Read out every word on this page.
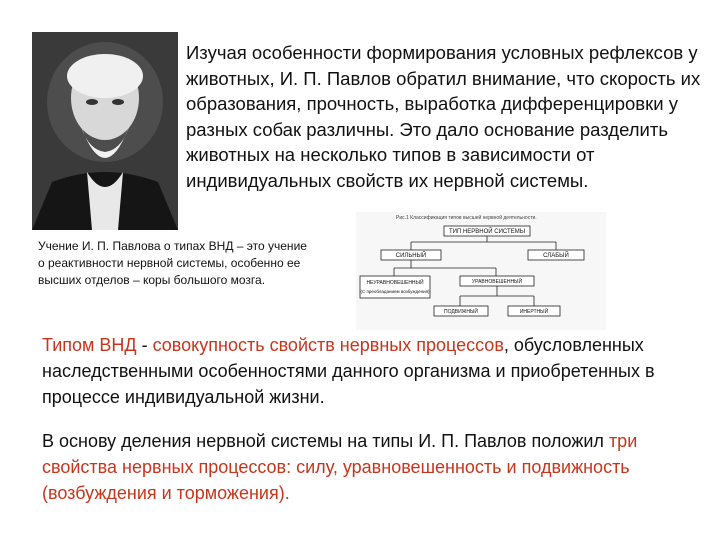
Изучая особенности формирования условных рефлексов у животных, И. П. Павлов обратил внимание, что скорость их образования, прочность, выработка дифференцировки у разных собак различны. Это дало основание разделить животных на несколько типов в зависимости от индивидуальных свойств их нервной системы.

Учение И. П. Павлова о типах ВНД – это учение о реактивности нервной системы, особенно ее высших отделов – коры большого мозга.

Рис.1 Классификация типов высшей нервной деятельности.
ТИП НЕРВНОЙ СИСТЕМЫ
СИЛЬНЫЙ	СЛАБЫЙ
НЕУРАВНОВЕШЕННЫЙ
(С преобладанием возбуждения)
УРАВНОВЕШЕННЫЙ
ПОДВИЖНЫЙ	ИНЕРТНЫЙ

Типом ВНД - совокупность свойств нервных процессов, обусловленных наследственными особенностями данного организма и приобретенных в процессе индивидуальной жизни.

В основу деления нервной системы на типы И. П. Павлов положил три свойства нервных процессов: силу, уравновешенность и подвижность (возбуждения и торможения).
